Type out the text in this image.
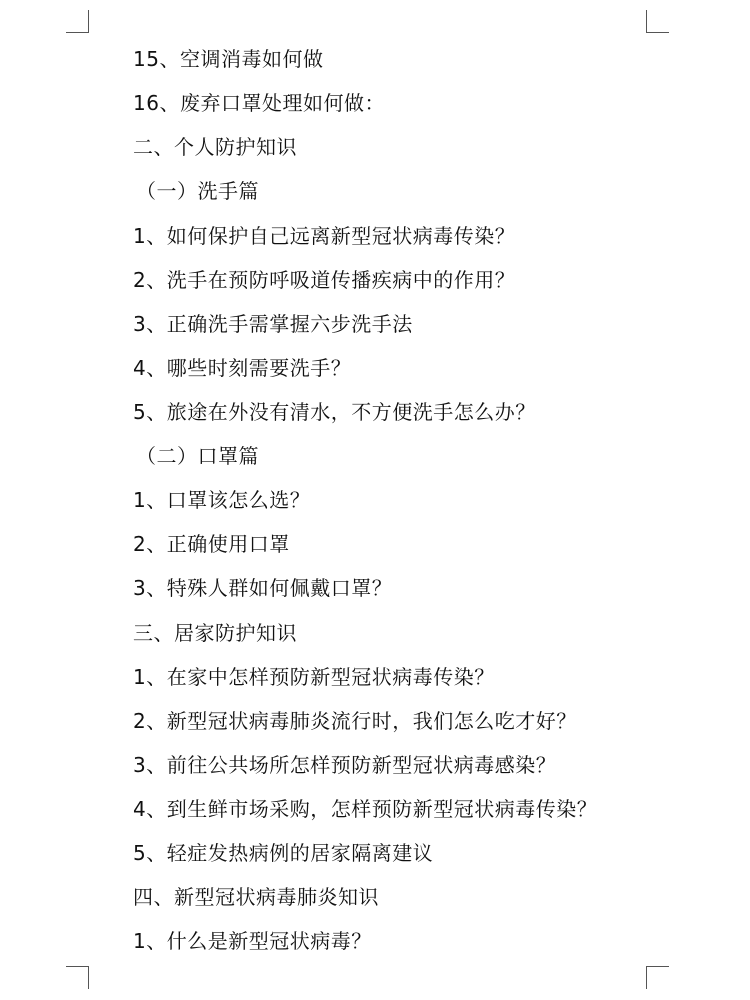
15、空调消毒如何做
16、废弃口罩处理如何做：
二、个人防护知识
（一）洗手篇
1、如何保护自己远离新型冠状病毒传染？
2、洗手在预防呼吸道传播疾病中的作用？
3、正确洗手需掌握六步洗手法
4、哪些时刻需要洗手？
5、旅途在外没有清水，不方便洗手怎么办？
（二）口罩篇
1、口罩该怎么选？
2、正确使用口罩
3、特殊人群如何佩戴口罩？
三、居家防护知识
1、在家中怎样预防新型冠状病毒传染？
2、新型冠状病毒肺炎流行时，我们怎么吃才好？
3、前往公共场所怎样预防新型冠状病毒感染？
4、到生鲜市场采购，怎样预防新型冠状病毒传染？
5、轻症发热病例的居家隔离建议
四、新型冠状病毒肺炎知识
1、什么是新型冠状病毒？
